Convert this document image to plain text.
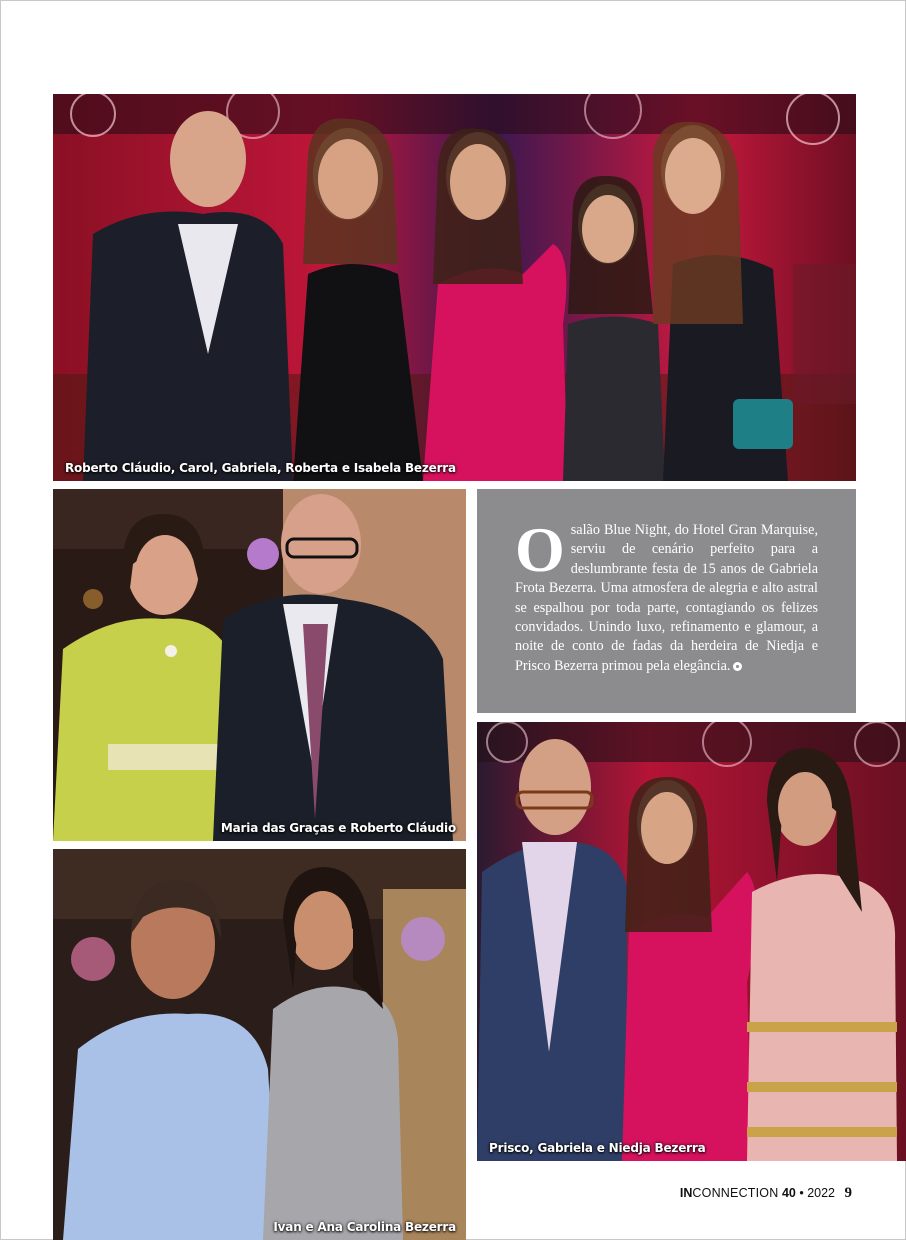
Roberto Cláudio, Carol, Gabriela, Roberta e Isabela Bezerra
Maria das Graças e Roberto Cláudio

Osalão Blue Night, do Hotel Gran Marquise, serviu de cenário perfeito para a deslumbrante festa de 15 anos de Gabriela Frota Bezerra. Uma atmosfera de alegria e alto astral se espalhou por toda parte, contagiando os felizes convidados. Unindo luxo, refinamento e glamour, a noite de conto de fadas da herdeira de Niedja e Prisco Bezerra primou pela elegância.

Ivan e Ana Carolina Bezerra
Prisco, Gabriela e Niedja Bezerra
INCONNECTION 40 • 2022 9
